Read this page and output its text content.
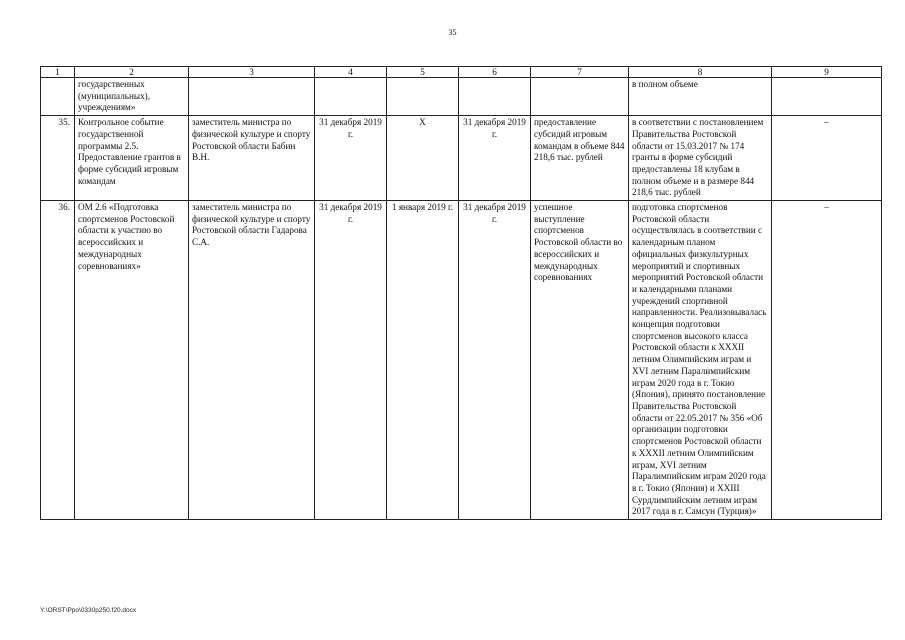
35
1	2	3	4	5	6	7	8	9
	государственных (муниципальных), учреждениям»						в полном объеме	
35.	Контрольное событие государственной программы 2.5. Предоставление грантов в форме субсидий игровым командам	заместитель министра по физической культуре и спорту Ростовской области Бабин В.Н.	31 декабря 2019 г.	Х	31 декабря 2019 г.	предоставление субсидий игровым командам в объеме 844 218,6 тыс. рублей	в соответствии с постановлением Правительства Ростовской области от 15.03.2017 № 174 гранты в форме субсидий предоставлены 18 клубам в полном объеме и в размере 844 218,6 тыс. рублей	–
36.	ОМ 2.6 «Подготовка спортсменов Ростовской области к участию во всероссийских и международных соревнованиях»	заместитель министра по физической культуре и спорту Ростовской области Гадарова С.А.	31 декабря 2019 г.	1 января 2019 г.	31 декабря 2019 г.	успешное выступление спортсменов Ростовской области во всероссийских и международных соревнованиях	подготовка спортсменов Ростовской области осуществлялась в соответствии с календарным планом официальных физкультурных мероприятий и спортивных мероприятий Ростовской области и календарными планами учреждений спортивной направленности. Реализовывалась концепция подготовки спортсменов высокого класса Ростовской области к XXXII летним Олимпийским играм и XVI летним Паралимпийским играм 2020 года в г. Токио (Япония), принято постановление Правительства Ростовской области от 22.05.2017 № 356 «Об организации подготовки спортсменов Ростовской области к XXXII летним Олимпийским играм, XVI летним Паралимпийским играм 2020 года в г. Токио (Япония) и XXIII Сурдлимпийским летним играм 2017 года в г. Самсун (Турция)»	–
Y:\ORST\Ppo\0330p250.f20.docx
